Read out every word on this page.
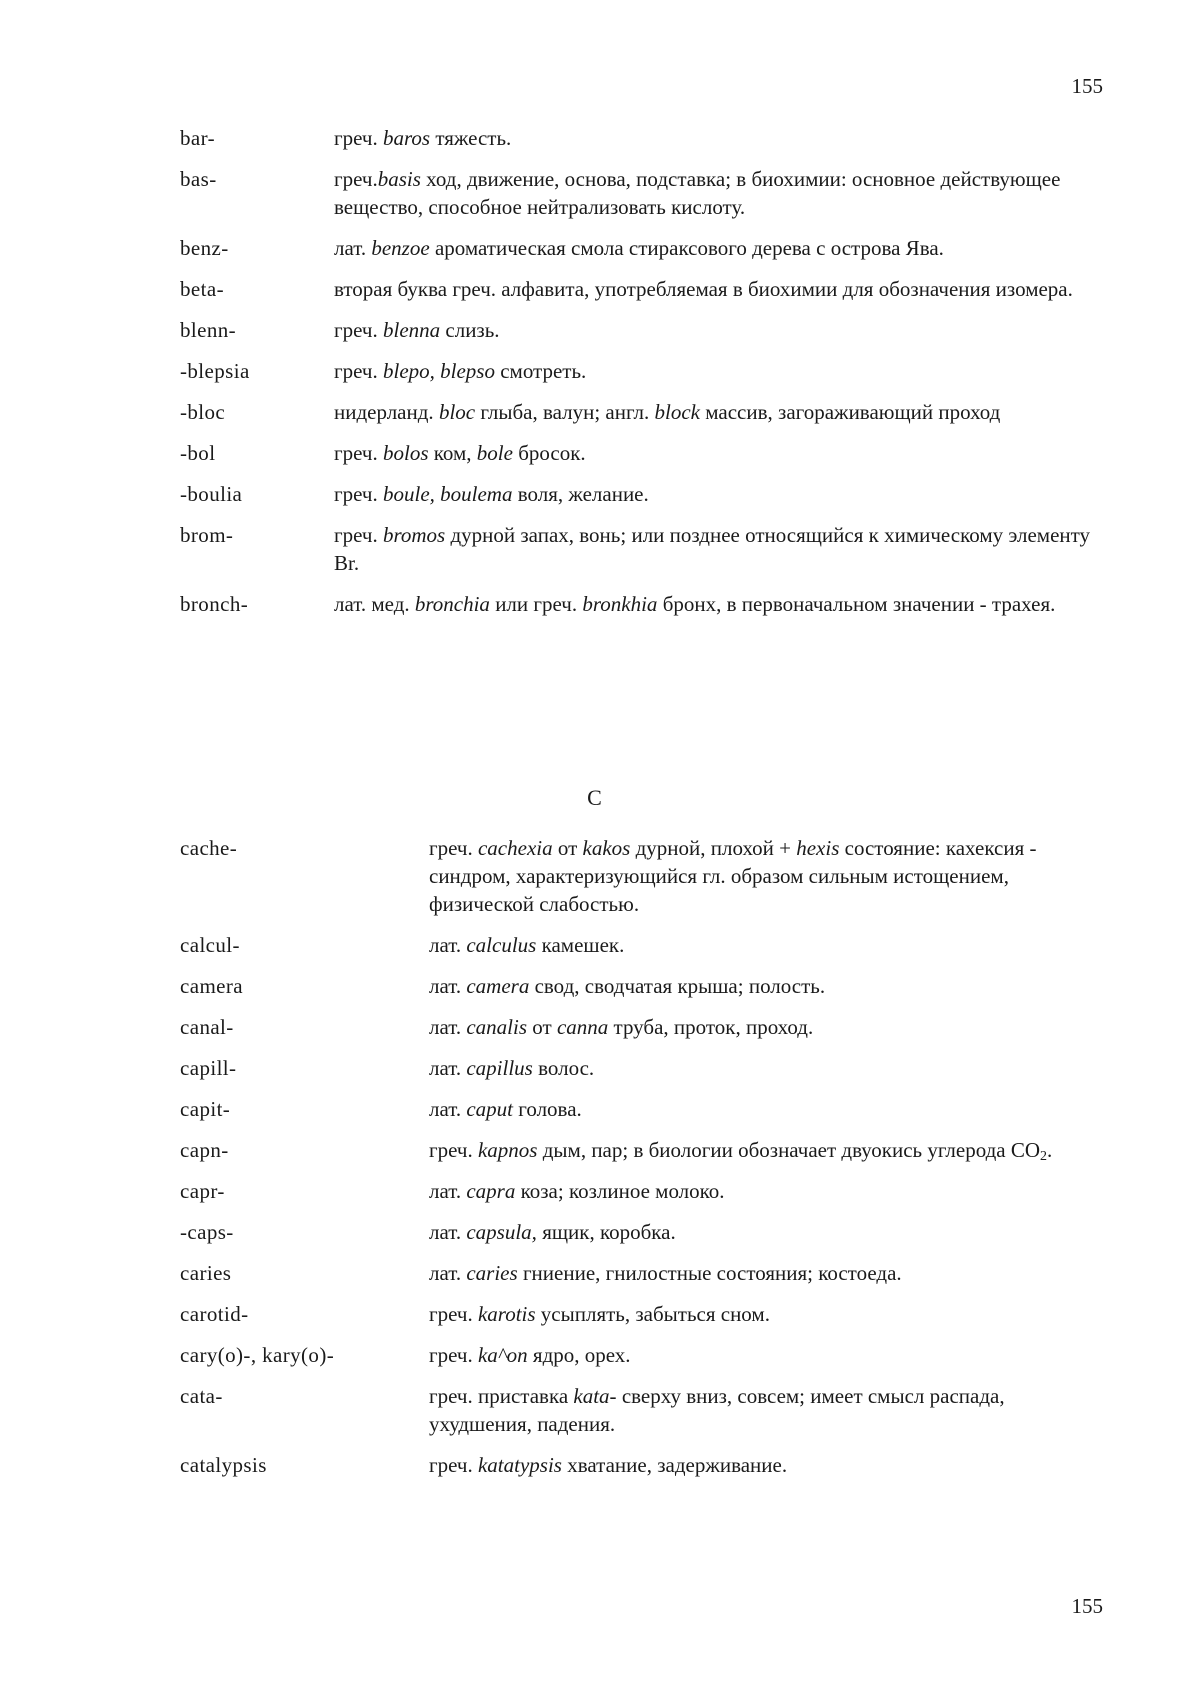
155
bar-	греч. baros тяжесть.
bas-	греч.basis ход, движение, основа, подставка; в биохимии: основное действующее вещество, способное нейтрализовать кислоту.
benz-	лат. benzoe ароматическая смола стираксового дерева с острова Ява.
beta-	вторая буква греч. алфавита, употребляемая в биохимии для обозначения изомера.
blenn-	греч. blenna слизь.
-blepsia	греч. blepo, blepso смотреть.
-bloc	нидерланд. bloc глыба, валун; англ. block массив, загораживающий проход
-bol	греч. bolos ком, bole бросок.
-boulia	греч. boule, boulema воля, желание.
brom-	греч. bromos дурной запах, вонь; или позднее относящийся к химическому элементу Br.
bronch-	лат. мед. bronchia или греч. bronkhia бронх, в первоначальном значении - трахея.
C
cache-	греч. cachexia от kakos дурной, плохой + hexis состояние: кахексия - синдром, характеризующийся гл. образом сильным истощением, физической слабостью.
calcul-	лат. calculus камешек.
camera	лат. camera свод, сводчатая крыша; полость.
canal-	лат. canalis от canna труба, проток, проход.
capill-	лат. capillus волос.
capit-	лат. caput голова.
capn-	греч. kapnos дым, пар; в биологии обозначает двуокись углерода $CO_2$.
capr-	лат. capra коза; козлиное молоко.
-caps-	лат. capsula, ящик, коробка.
caries	лат. caries гниение, гнилостные состояния; костоеда.
carotid-	греч. karotis усыплять, забыться сном.
cary(o)-, kary(o)-	греч. ka^on ядро, орех.
cata-	греч. приставка kata- сверху вниз, совсем; имеет смысл распада, ухудшения, падения.
catalypsis	греч. katatypsis хватание, задерживание.
155
